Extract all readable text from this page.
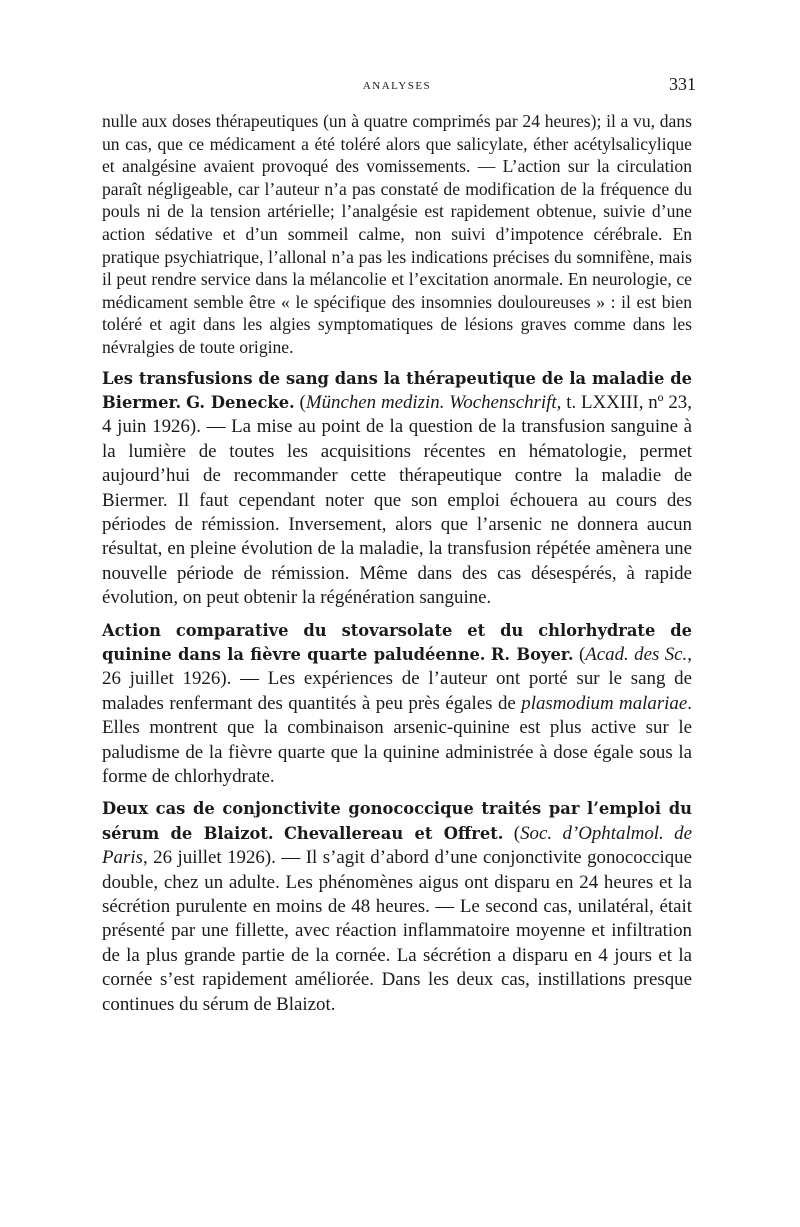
ANALYSES	331

nulle aux doses thérapeutiques (un à quatre comprimés par 24 heures); il a vu, dans un cas, que ce médicament a été toléré alors que salicylate, éther acétylsalicylique et analgésine avaient provoqué des vomissements. — L’action sur la circulation paraît négligeable, car l’auteur n’a pas constaté de modification de la fréquence du pouls ni de la tension artérielle; l’analgésie est rapidement obtenue, suivie d’une action sédative et d’un sommeil calme, non suivi d’impotence cérébrale. En pratique psychiatrique, l’allonal n’a pas les indications précises du somnifène, mais il peut rendre service dans la mélancolie et l’excitation anormale. En neurologie, ce médicament semble être « le spécifique des insomnies douloureuses » : il est bien toléré et agit dans les algies symptomatiques de lésions graves comme dans les névralgies de toute origine.

Les transfusions de sang dans la thérapeutique de la maladie de Biermer. G. Denecke. (München medizin. Wochenschrift, t. LXXIII, nº 23, 4 juin 1926). — La mise au point de la question de la transfusion sanguine à la lumière de toutes les acquisitions récentes en hématologie, permet aujourd’hui de recommander cette thérapeutique contre la maladie de Biermer. Il faut cependant noter que son emploi échouera au cours des périodes de rémission. Inversement, alors que l’arsenic ne donnera aucun résultat, en pleine évolution de la maladie, la transfusion répétée amènera une nouvelle période de rémission. Même dans des cas désespérés, à rapide évolution, on peut obtenir la régénération sanguine.

Action comparative du stovarsolate et du chlorhydrate de quinine dans la fièvre quarte paludéenne. R. Boyer. (Acad. des Sc., 26 juillet 1926). — Les expériences de l’auteur ont porté sur le sang de malades renfermant des quantités à peu près égales de plasmodium malariae. Elles montrent que la combinaison arsenic-quinine est plus active sur le paludisme de la fièvre quarte que la quinine administrée à dose égale sous la forme de chlorhydrate.

Deux cas de conjonctivite gonococcique traités par l’emploi du sérum de Blaizot. Chevallereau et Offret. (Soc. d’Ophtalmol. de Paris, 26 juillet 1926). — Il s’agit d’abord d’une conjonctivite gonococcique double, chez un adulte. Les phénomènes aigus ont disparu en 24 heures et la sécrétion purulente en moins de 48 heures. — Le second cas, unilatéral, était présenté par une fillette, avec réaction inflammatoire moyenne et infiltration de la plus grande partie de la cornée. La sécrétion a disparu en 4 jours et la cornée s’est rapidement améliorée. Dans les deux cas, instillations presque continues du sérum de Blaizot.
